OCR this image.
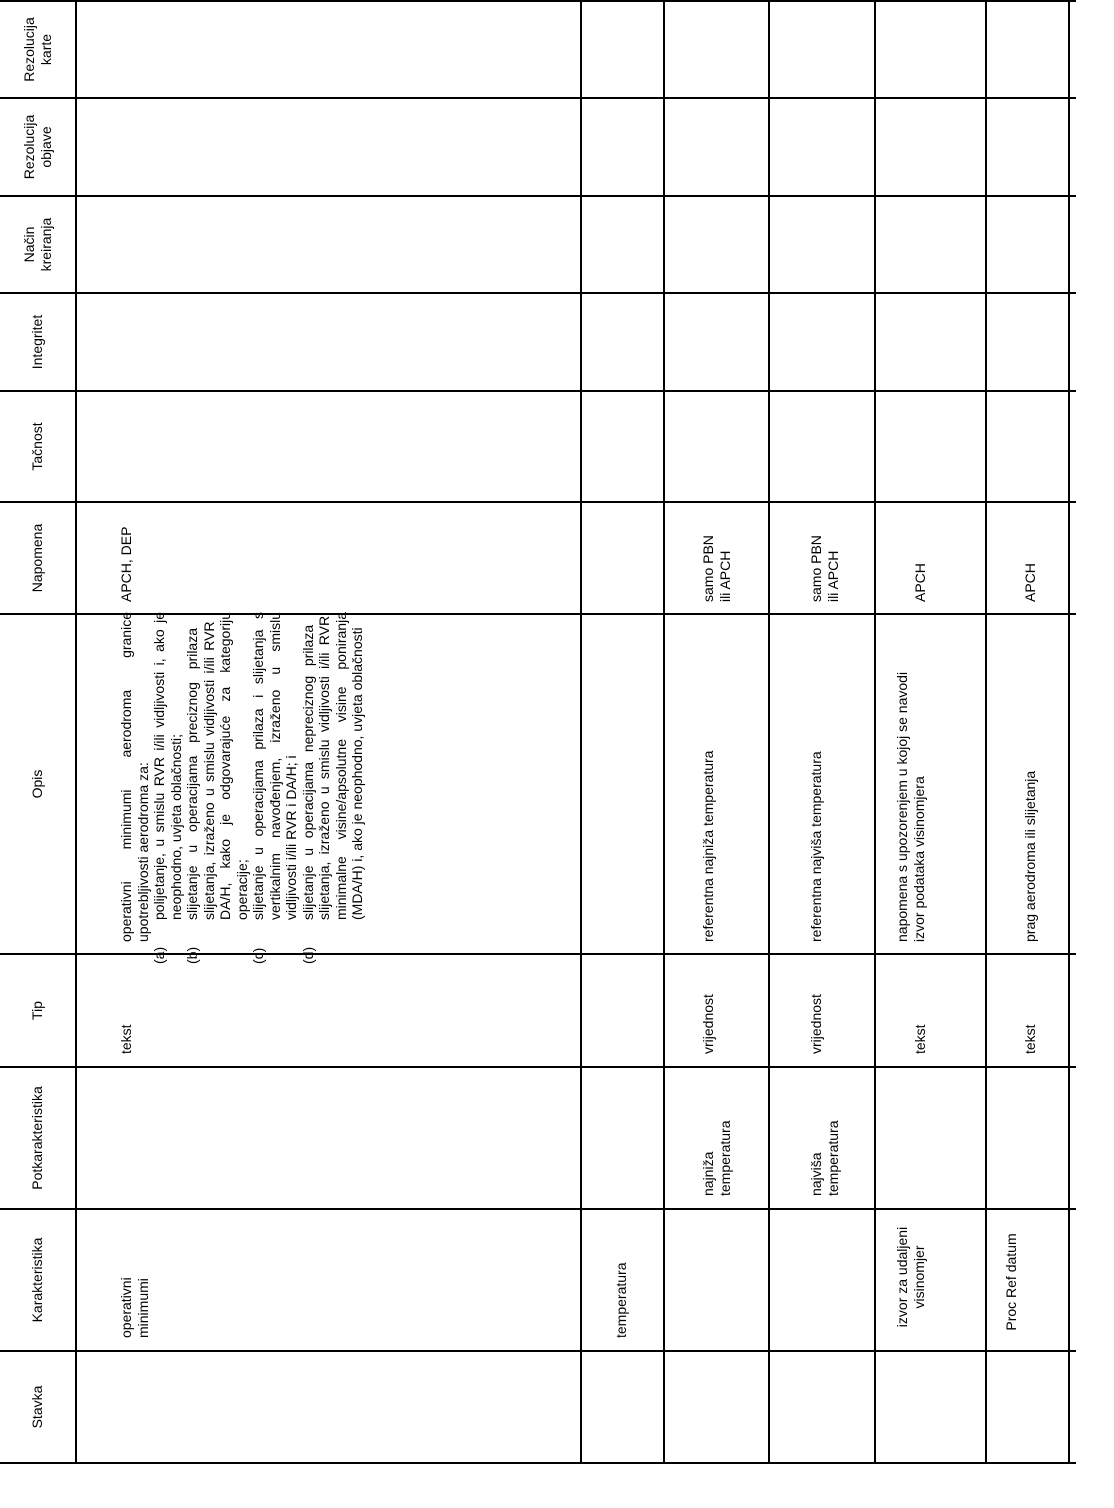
Stavka
Karakteristika
Potkarakteristika
Tip
Opis
Napomena
Tačnost
Integritet
Način kreiranja
Rezolucija objave
Rezolucija karte
operativni minimumi
tekst
operativni minimumi aerodroma granice upotrebljivosti aerodroma za:
(a)polijetanje, u smislu RVR i/ili vidljivosti i, ako je neophodno, uvjeta oblačnosti;
(b)slijetanje u operacijama preciznog prilaza i slijetanja, izraženo u smislu vidljivosti i/ili RVR i DA/H, kako je odgovarajuće za kategoriju operacije;
(c)slijetanje u operacijama prilaza i slijetanja s vertikalnim navođenjem, izraženo u smislu vidljivosti i/ili RVR i DA/H; i
(d)slijetanje u operacijama nepreciznog prilaza i slijetanja, izraženo u smislu vidljivosti i/ili RVR, minimalne visine/apsolutne visine poniranja (MDA/H) i, ako je neophodno, uvjeta oblačnosti
APCH, DEP
temperatura
najniža temperatura
vrijednost
referentna najniža temperatura
samo PBN ili APCH
najviša temperatura
vrijednost
referentna najviša temperatura
samo PBN ili APCH
izvor za udaljeni visinomjer
tekst
napomena s upozorenjem u kojoj se navodi izvor podataka visinomjera
APCH
Proc Ref datum
tekst
prag aerodroma ili slijetanja
APCH
